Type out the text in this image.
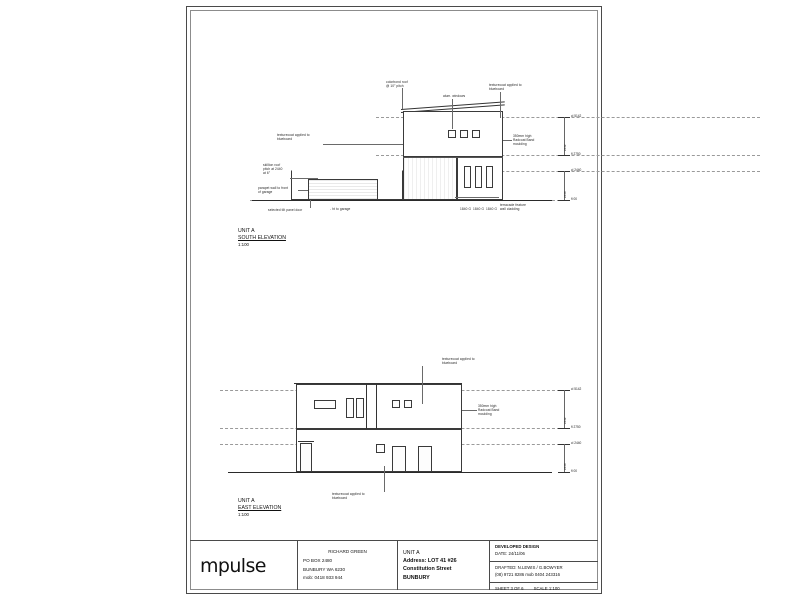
colorbond roof
@ 10° pitch
alum. windows
texturecoat applied to
blueboard
texturecoat applied to
blueboard
skillion roof
pitch at 2440
at 6°
parapet wall to front
of garage
selected tilt panel door	- ht to garage	1840 G  1840 G  1840 G
350mm high
Radcoat Band
moulding
terracade feature
wall cladding
cl 5142
fl 2750
cl 2440
fl 00
2442
2440
UNIT A
SOUTH ELEVATION
1:100
texturecoat applied to
blueboard
350mm high
Radcoat Band
moulding
texturecoat applied to
blueboard
cl 5142
fl 2750
cl 2440
fl 00
2442
2440
UNIT A
EAST ELEVATION
1:100
mpulse
RICHARD GREEN
PO BOX 2480
BUNBURY WA 6230
mob: 0418 933 944
UNIT A
Address: LOT 41 #26
Constitution Street
BUNBURY
DEVELOPED DESIGN
DATE: 24/11/06
DRAFTED: N.LEWIS / G.BOWYER
(08) 9721 8286 mob 0404 243316
SHEET 3 OF 6 SCALE 1:100
